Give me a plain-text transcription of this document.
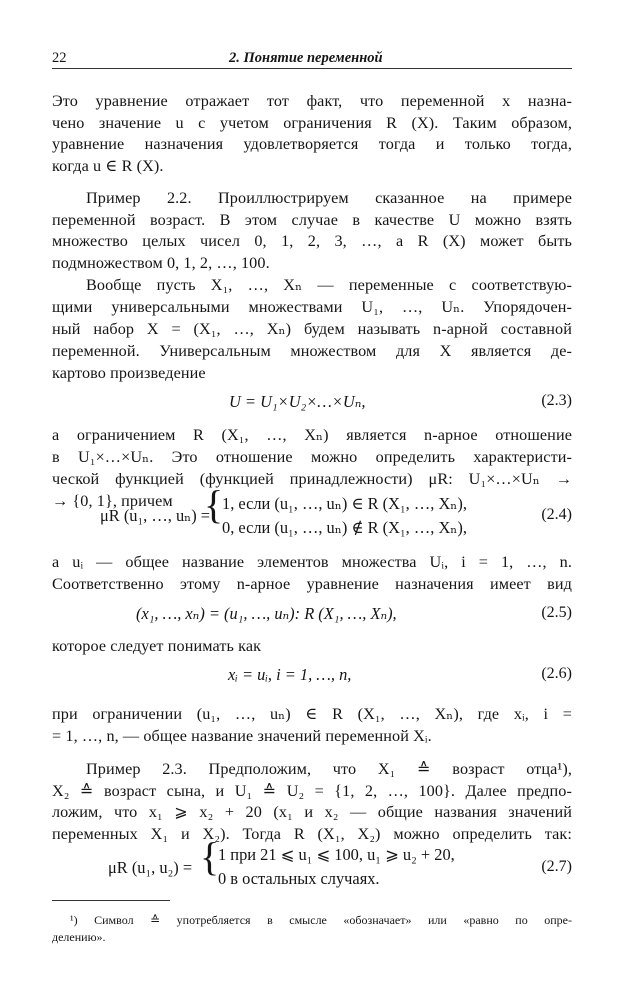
22	2. Понятие переменной
Это уравнение отражает тот факт, что переменной x назна-
чено значение u с учетом ограничения R (X). Таким образом,
уравнение назначения удовлетворяется тогда и только тогда,
когда u ∈ R (X).
Пример 2.2. Проиллюстрируем сказанное на примере
переменной возраст. В этом случае в качестве U можно взять
множество целых чисел 0, 1, 2, 3, …, а R (X) может быть
подмножеством 0, 1, 2, …, 100.
Вообще пусть X₁, …, Xₙ — переменные с соответствую-
щими универсальными множествами U₁, …, Uₙ. Упорядочен-
ный набор X = (X₁, …, Xₙ) будем называть n-арной составной
переменной. Универсальным множеством для X является де-
картово произведение
U = U₁×U₂×…×Uₙ,	(2.3)
а ограничением R (X₁, …, Xₙ) является n-арное отношение
в U₁×…×Uₙ. Это отношение можно определить характеристи-
ческой функцией (функцией принадлежности) μR: U₁×…×Uₙ →
→ {0, 1}, причем
μR (u₁, …, uₙ) =
{
1, если (u₁, …, uₙ) ∈ R (X₁, …, Xₙ),
0, если (u₁, …, uₙ) ∉ R (X₁, …, Xₙ),
(2.4)
а uᵢ — общее название элементов множества Uᵢ, i = 1, …, n.
Соответственно этому n-арное уравнение назначения имеет вид
(x₁, …, xₙ) = (u₁, …, uₙ): R (X₁, …, Xₙ),	(2.5)
которое следует понимать как
xᵢ = uᵢ, i = 1, …, n,	(2.6)
при ограничении (u₁, …, uₙ) ∈ R (X₁, …, Xₙ), где xᵢ, i =
= 1, …, n, — общее название значений переменной Xᵢ.
Пример 2.3. Предположим, что X₁ ≙ возраст отца¹),
X₂ ≙ возраст сына, и U₁ ≙ U₂ = {1, 2, …, 100}. Далее предпо-
ложим, что x₁ ⩾ x₂ + 20 (x₁ и x₂ — общие названия значений
переменных X₁ и X₂). Тогда R (X₁, X₂) можно определить так:
μR (u₁, u₂) = {
1 при 21 ⩽ u₁ ⩽ 100, u₁ ⩾ u₂ + 20,
0 в остальных случаях.
(2.7)
¹) Символ ≙ употребляется в смысле «обозначает» или «равно по опре-
делению».
